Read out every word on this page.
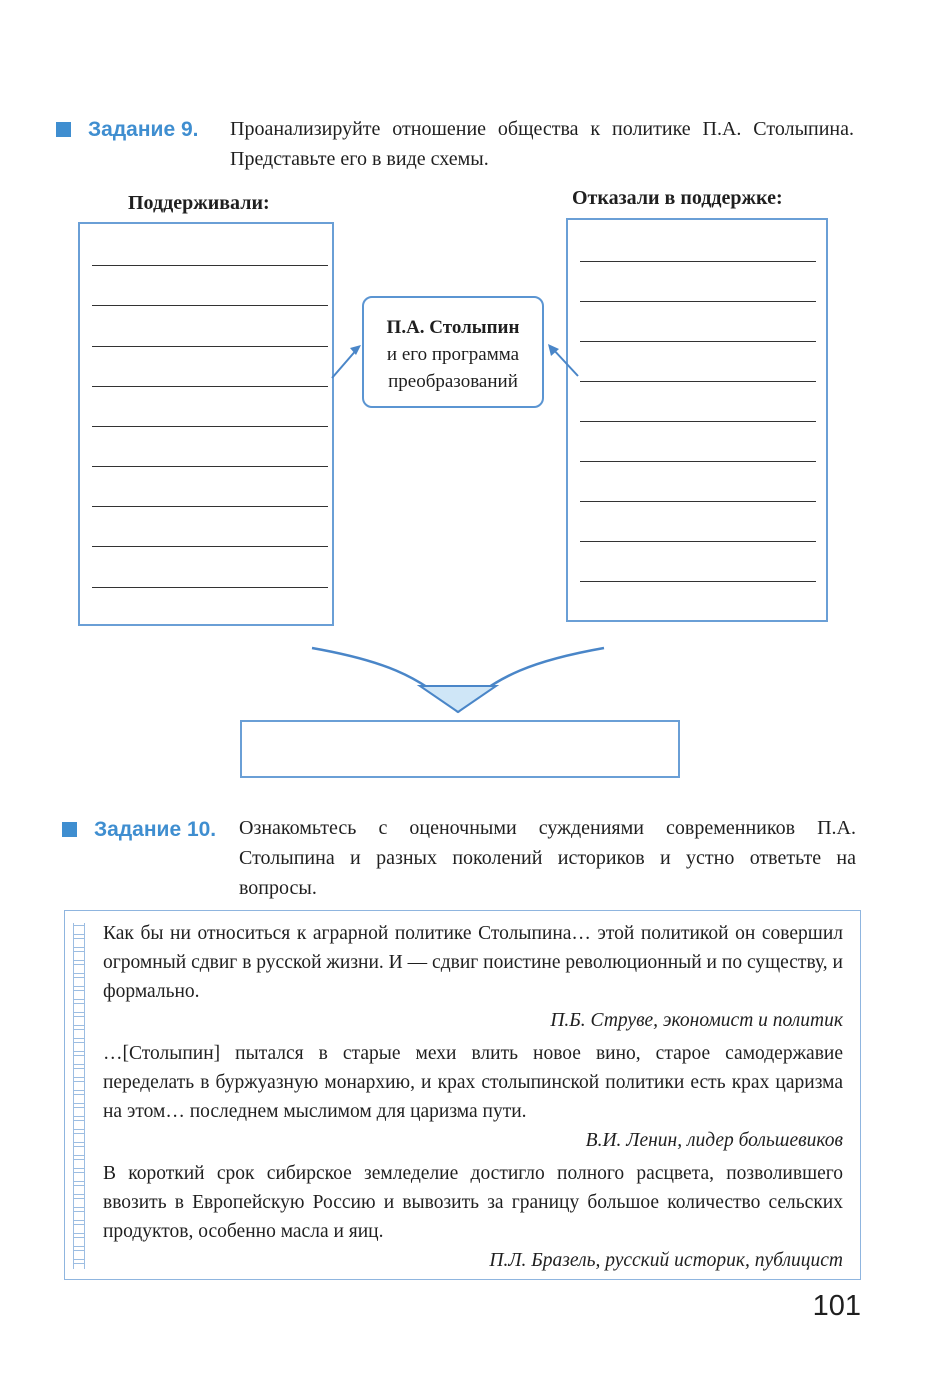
Задание 9.	Проанализируйте отношение общества к политике П.А. Столыпина. Представьте его в виде схемы.
Поддерживали:	Отказали в поддержке:
П.А. Столыпин
и его программа
преобразований
Задание 10.	Ознакомьтесь с оценочными суждениями современников П.А. Столыпина и разных поколений историков и устно ответьте на вопросы.
Как бы ни относиться к аграрной политике Столыпина… этой политикой он совершил огромный сдвиг в русской жизни. И — сдвиг поистине революционный и по существу, и формально.
П.Б. Струве, экономист и политик
…[Столыпин] пытался в старые мехи влить новое вино, старое самодержавие переделать в буржуазную монархию, и крах столыпинской политики есть крах царизма на этом… последнем мыслимом для царизма пути.
В.И. Ленин, лидер большевиков
В короткий срок сибирское земледелие достигло полного расцвета, позволившего ввозить в Европейскую Россию и вывозить за границу большое количество сельских продуктов, особенно масла и яиц.
П.Л. Бразель, русский историк, публицист
101
